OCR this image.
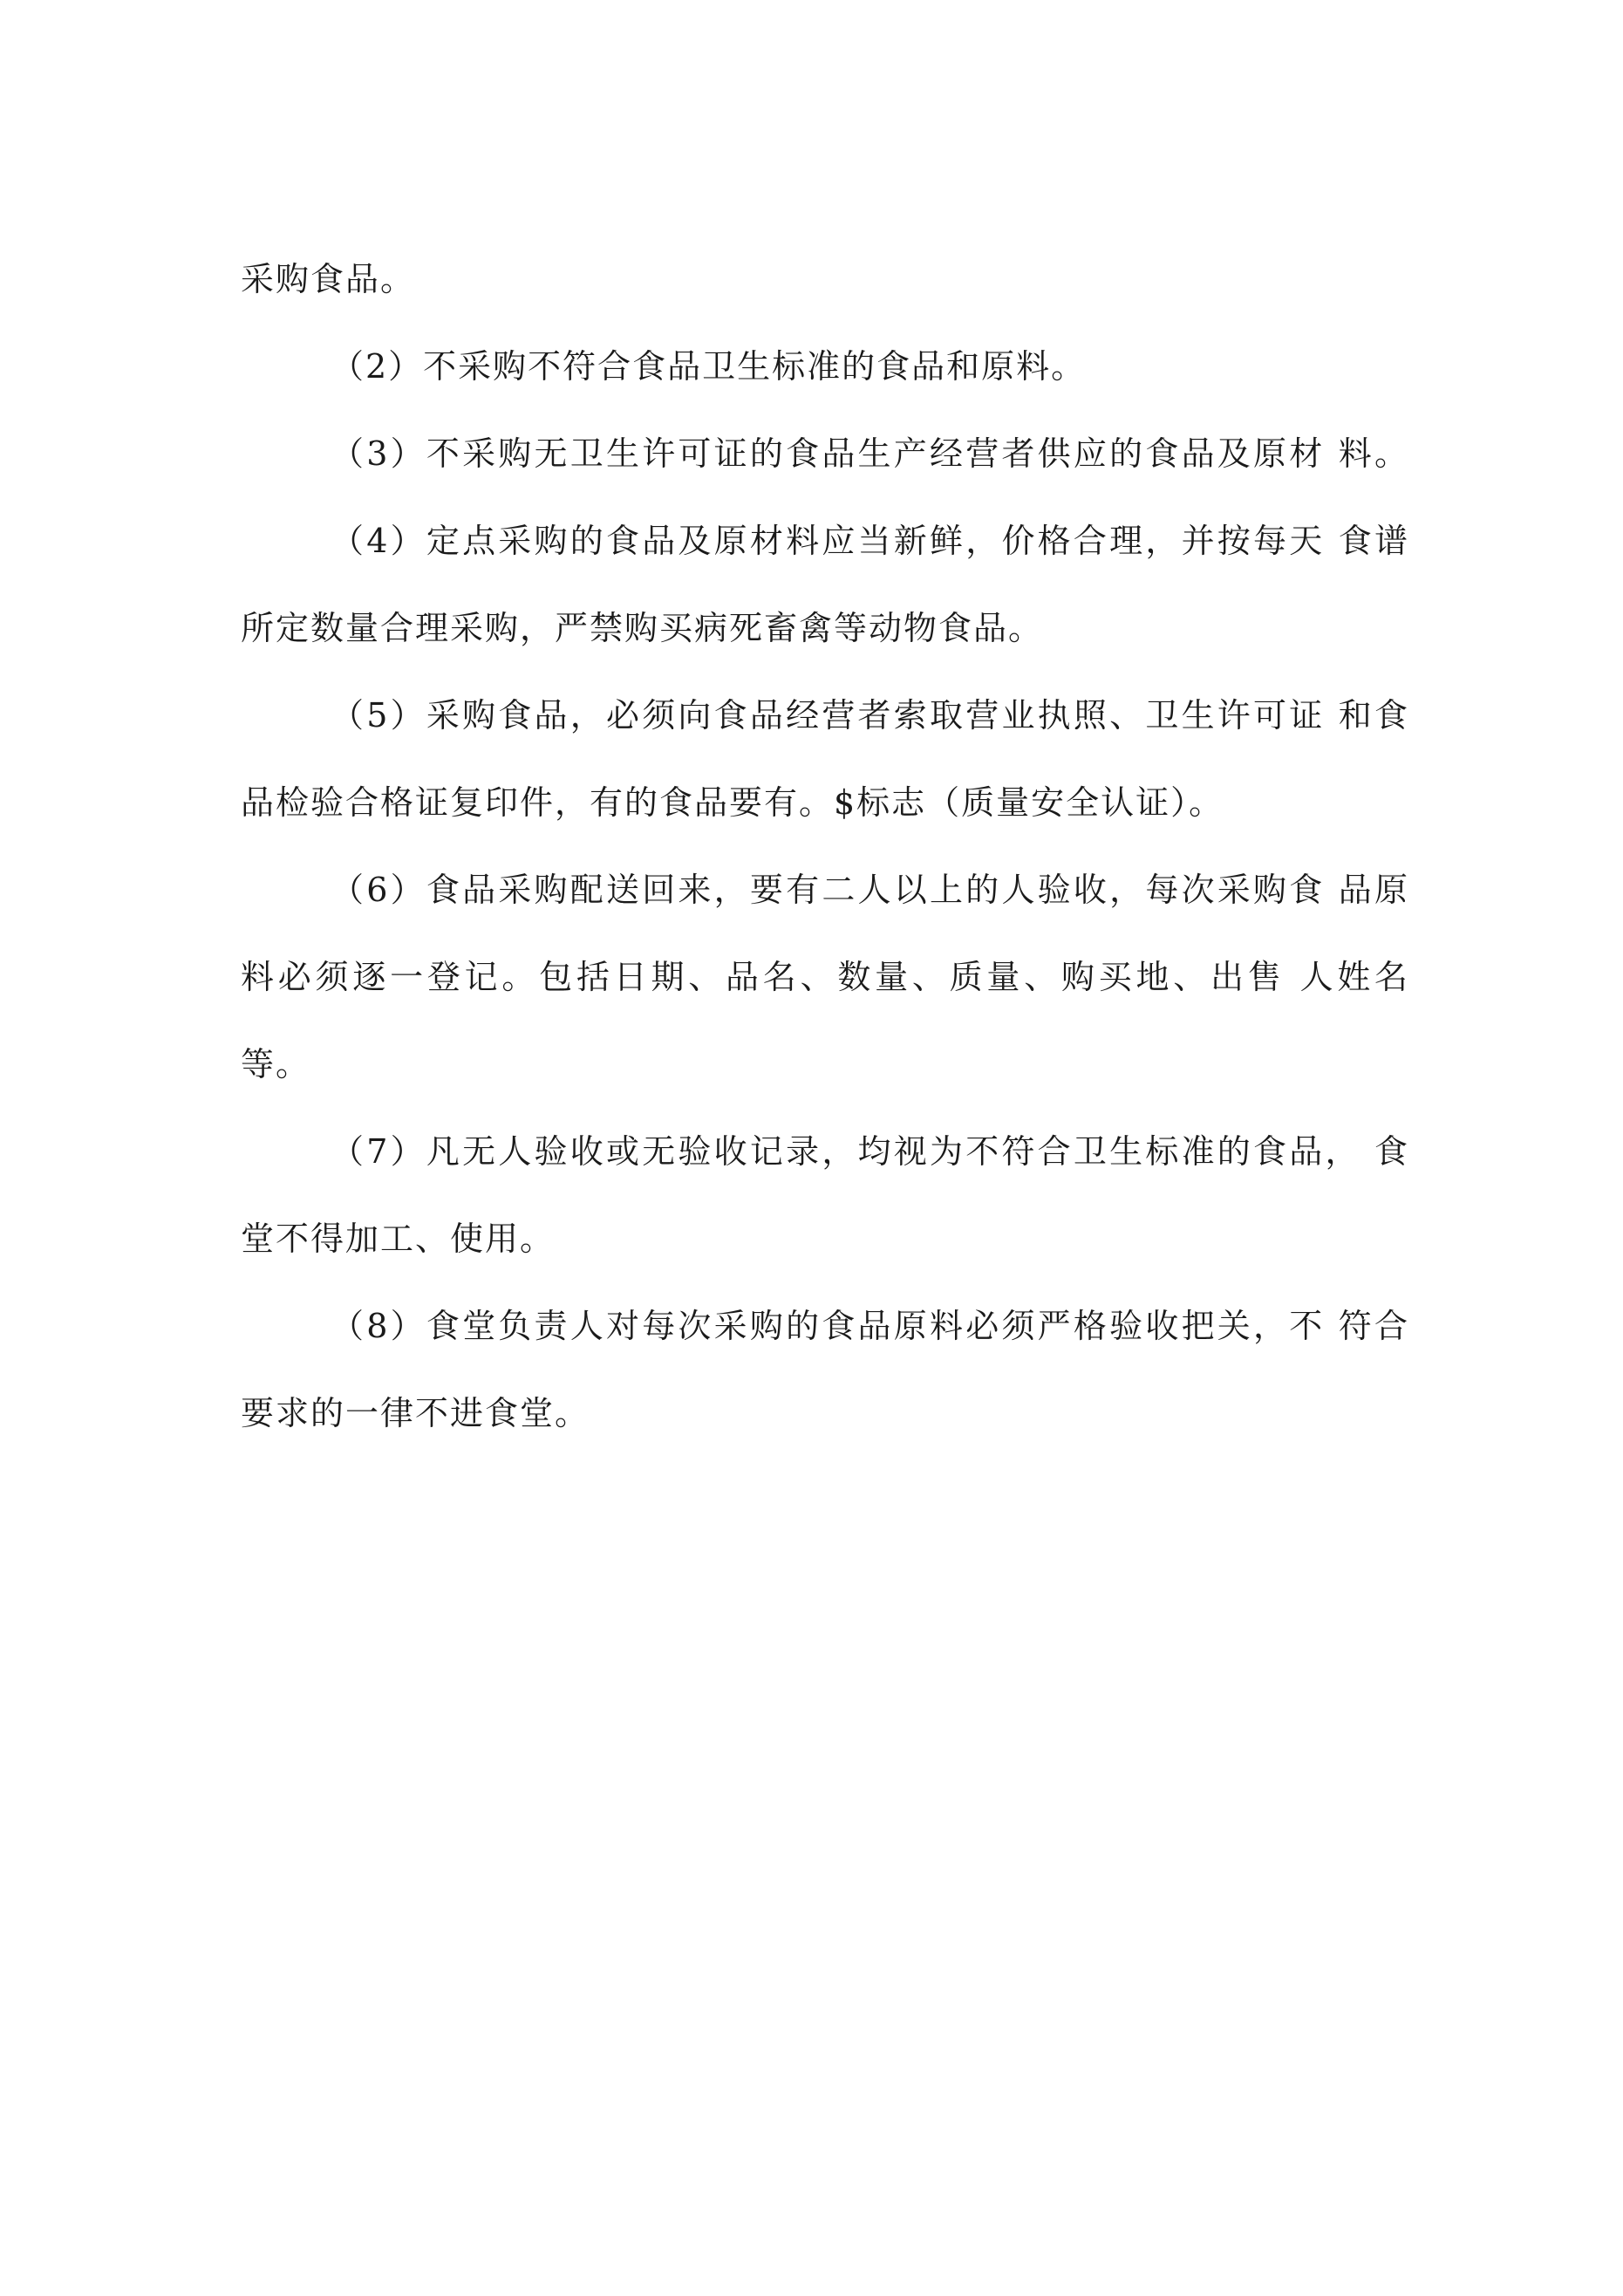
采购食品。
（2）不采购不符合食品卫生标准的食品和原料。
（3）不采购无卫生许可证的食品生产经营者供应的食品及原材 料。
（4）定点采购的食品及原材料应当新鲜，价格合理，并按每天 食谱
所定数量合理采购，严禁购买病死畜禽等动物食品。
（5）采购食品，必须向食品经营者索取营业执照、卫生许可证 和食
品检验合格证复印件，有的食品要有。$标志（质量安全认证）。
（6）食品采购配送回来，要有二人以上的人验收，每次采购食 品原
料必须逐一登记。包括日期、品名、数量、质量、购买地、出售 人姓名
等。
（7）凡无人验收或无验收记录，均视为不符合卫生标准的食品， 食
堂不得加工、使用。
（8）食堂负责人对每次采购的食品原料必须严格验收把关，不 符合
要求的一律不进食堂。
